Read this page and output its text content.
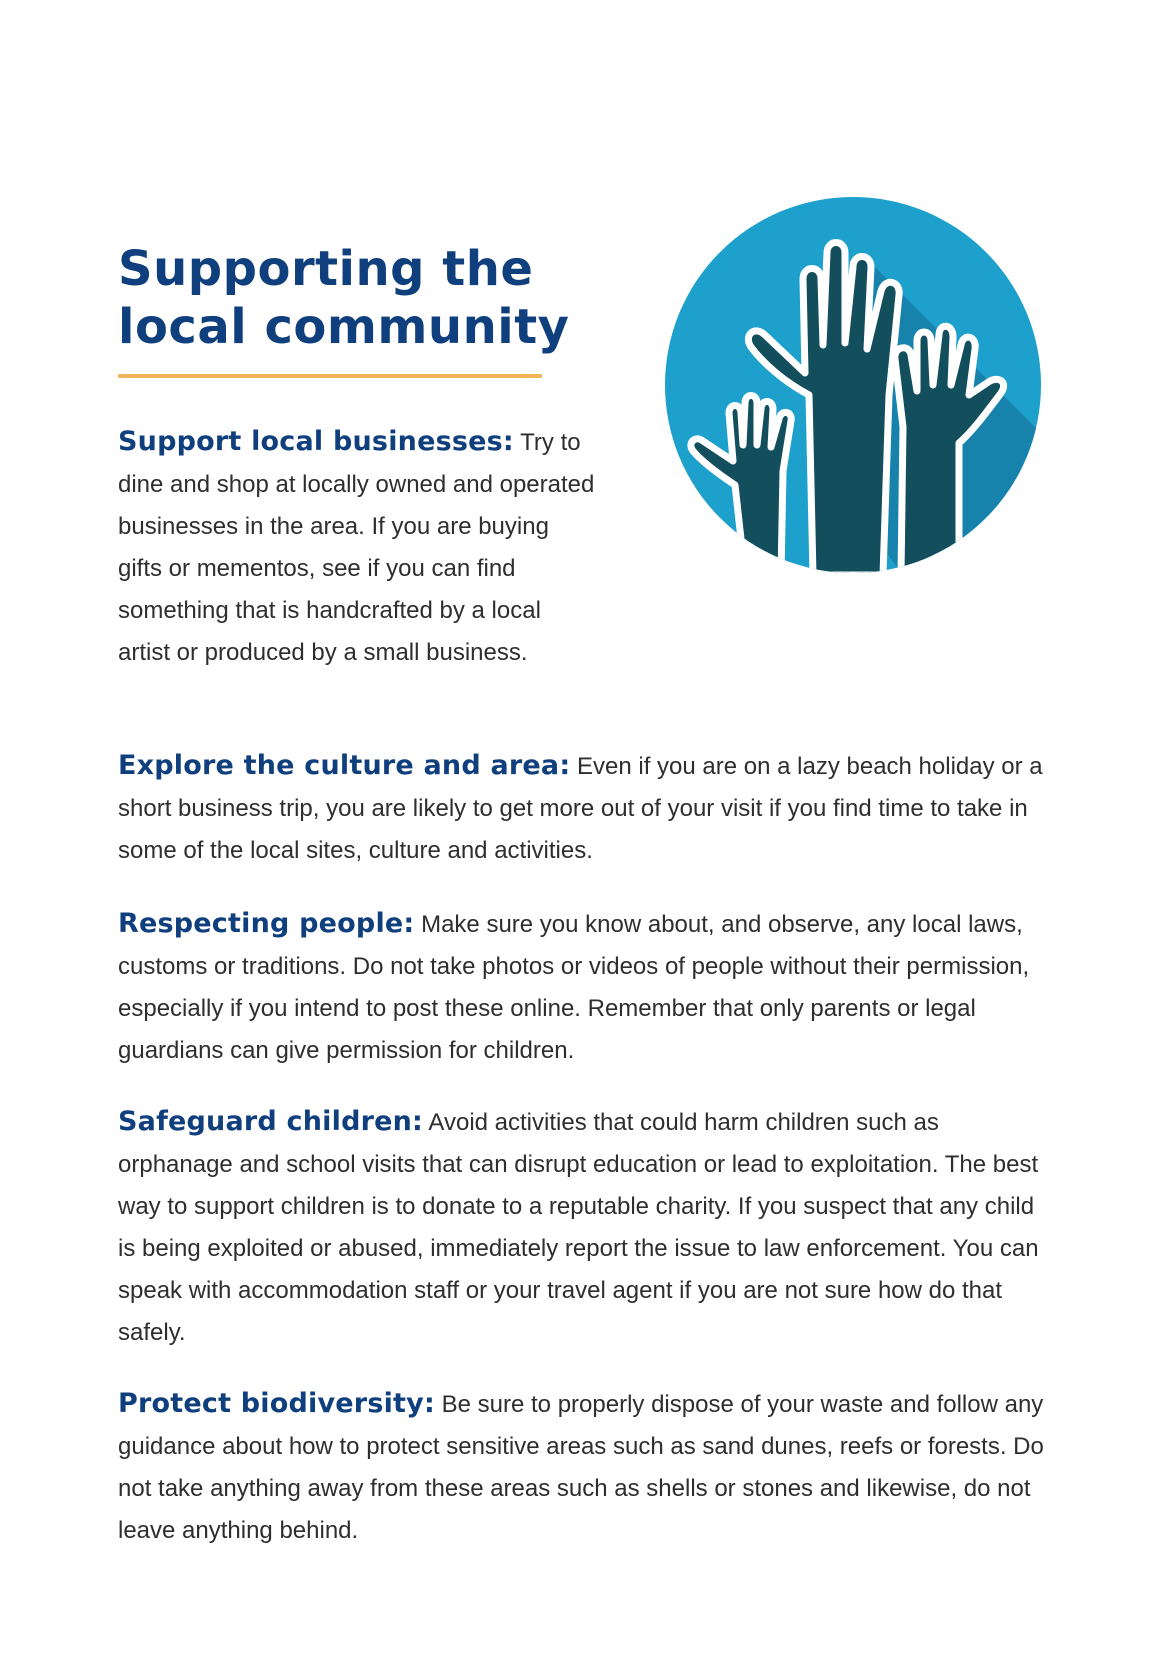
Supporting the
local community

Support local businesses: Try to dine and shop at locally owned and operated businesses in the area. If you are buying gifts or mementos, see if you can find something that is handcrafted by a local artist or produced by a small business.

Explore the culture and area: Even if you are on a lazy beach holiday or a short business trip, you are likely to get more out of your visit if you find time to take in some of the local sites, culture and activities.

Respecting people: Make sure you know about, and observe, any local laws, customs or traditions. Do not take photos or videos of people without their permission, especially if you intend to post these online. Remember that only parents or legal guardians can give permission for children.

Safeguard children: Avoid activities that could harm children such as orphanage and school visits that can disrupt education or lead to exploitation. The best way to support children is to donate to a reputable charity. If you suspect that any child is being exploited or abused, immediately report the issue to law enforcement. You can speak with accommodation staff or your travel agent if you are not sure how do that safely.

Protect biodiversity: Be sure to properly dispose of your waste and follow any guidance about how to protect sensitive areas such as sand dunes, reefs or forests. Do not take anything away from these areas such as shells or stones and likewise, do not leave anything behind.
